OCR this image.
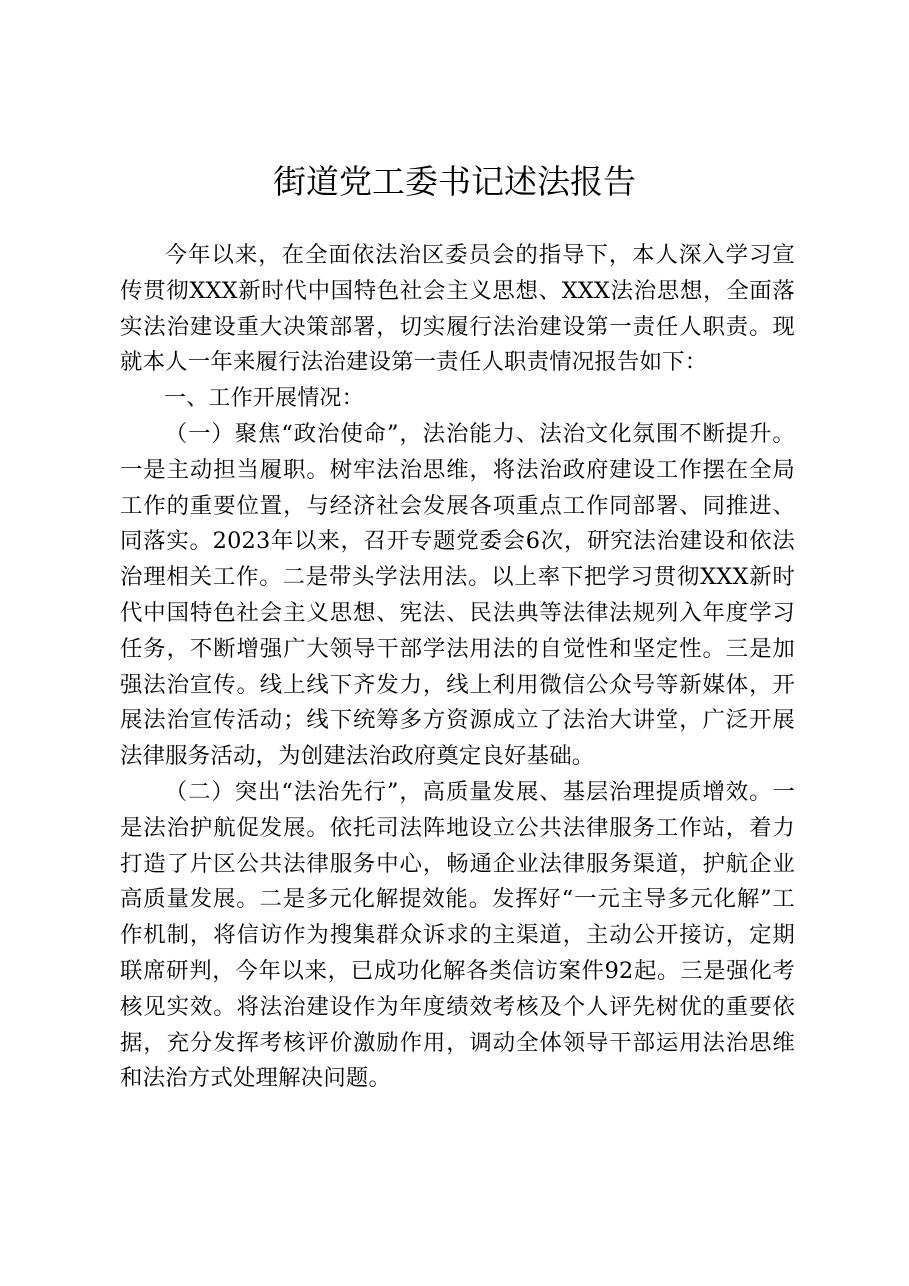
街道党工委书记述法报告

今年以来，在全面依法治区委员会的指导下，本人深入学习宣传贯彻XXX新时代中国特色社会主义思想、XXX法治思想，全面落实法治建设重大决策部署，切实履行法治建设第一责任人职责。现就本人一年来履行法治建设第一责任人职责情况报告如下：

一、工作开展情况：

（一）聚焦“政治使命”，法治能力、法治文化氛围不断提升。一是主动担当履职。树牢法治思维，将法治政府建设工作摆在全局工作的重要位置，与经济社会发展各项重点工作同部署、同推进、同落实。2023年以来，召开专题党委会6次，研究法治建设和依法治理相关工作。二是带头学法用法。以上率下把学习贯彻XXX新时代中国特色社会主义思想、宪法、民法典等法律法规列入年度学习任务，不断增强广大领导干部学法用法的自觉性和坚定性。三是加强法治宣传。线上线下齐发力，线上利用微信公众号等新媒体，开展法治宣传活动；线下统筹多方资源成立了法治大讲堂，广泛开展法律服务活动，为创建法治政府奠定良好基础。

（二）突出“法治先行”，高质量发展、基层治理提质增效。一是法治护航促发展。依托司法阵地设立公共法律服务工作站，着力打造了片区公共法律服务中心，畅通企业法律服务渠道，护航企业高质量发展。二是多元化解提效能。发挥好“一元主导多元化解”工作机制，将信访作为搜集群众诉求的主渠道，主动公开接访，定期联席研判，今年以来，已成功化解各类信访案件92起。三是强化考核见实效。将法治建设作为年度绩效考核及个人评先树优的重要依据，充分发挥考核评价激励作用，调动全体领导干部运用法治思维和法治方式处理解决问题。
